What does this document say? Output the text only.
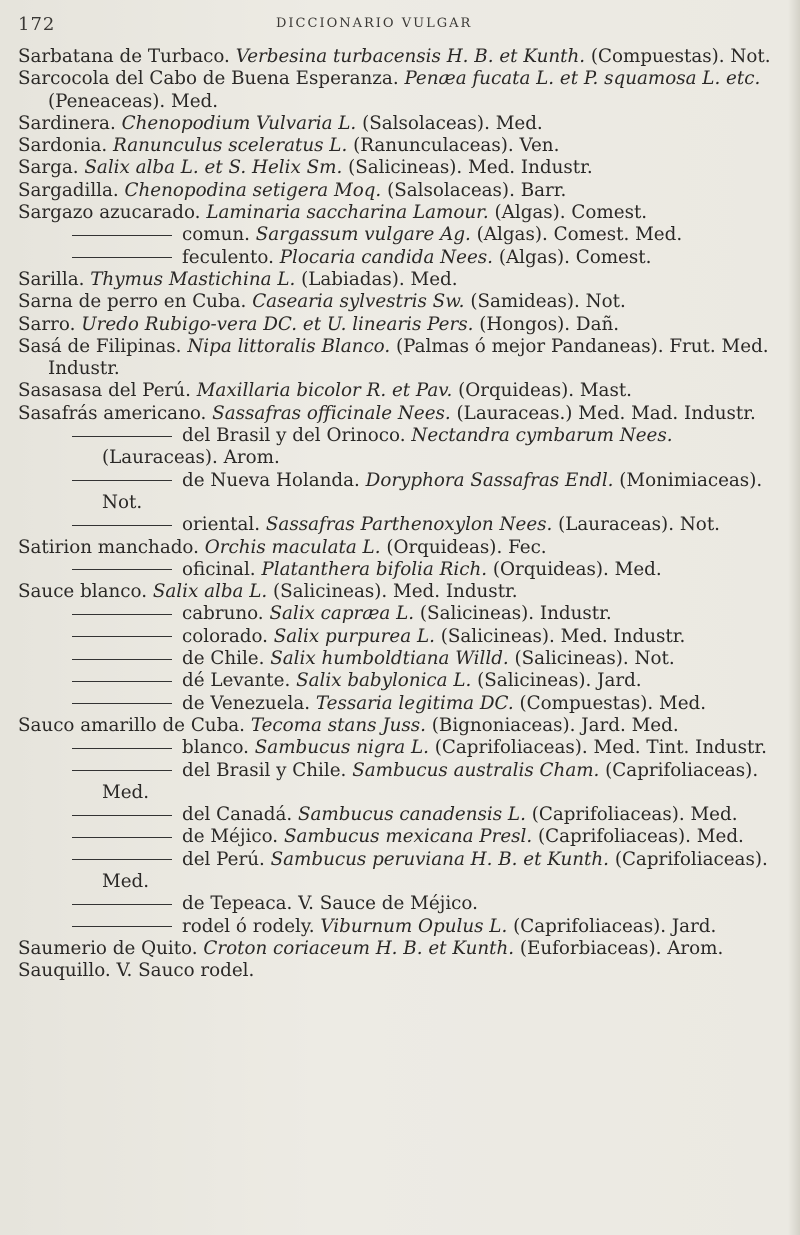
172	DICCIONARIO VULGAR
Sarbatana de Turbaco. Verbesina turbacensis H. B. et Kunth. (Compuestas). Not.
Sarcocola del Cabo de Buena Esperanza. Penæa fucata L. et P. squamosa L. etc. (Peneaceas). Med.
Sardinera. Chenopodium Vulvaria L. (Salsolaceas). Med.
Sardonia. Ranunculus sceleratus L. (Ranunculaceas). Ven.
Sarga. Salix alba L. et S. Helix Sm. (Salicineas). Med. Industr.
Sargadilla. Chenopodina setigera Moq. (Salsolaceas). Barr.
Sargazo azucarado. Laminaria saccharina Lamour. (Algas). Comest.
comun. Sargassum vulgare Ag. (Algas). Comest. Med.
feculento. Plocaria candida Nees. (Algas). Comest.
Sarilla. Thymus Mastichina L. (Labiadas). Med.
Sarna de perro en Cuba. Casearia sylvestris Sw. (Samideas). Not.
Sarro. Uredo Rubigo-vera DC. et U. linearis Pers. (Hongos). Dañ.
Sasá de Filipinas. Nipa littoralis Blanco. (Palmas ó mejor Pandaneas). Frut. Med. Industr.
Sasasasa del Perú. Maxillaria bicolor R. et Pav. (Orquideas). Mast.
Sasafrás americano. Sassafras officinale Nees. (Lauraceas.) Med. Mad. Industr.
del Brasil y del Orinoco. Nectandra cymbarum Nees. (Lauraceas). Arom.
de Nueva Holanda. Doryphora Sassafras Endl. (Monimiaceas). Not.
oriental. Sassafras Parthenoxylon Nees. (Lauraceas). Not.
Satirion manchado. Orchis maculata L. (Orquideas). Fec.
oficinal. Platanthera bifolia Rich. (Orquideas). Med.
Sauce blanco. Salix alba L. (Salicineas). Med. Industr.
cabruno. Salix capræa L. (Salicineas). Industr.
colorado. Salix purpurea L. (Salicineas). Med. Industr.
de Chile. Salix humboldtiana Willd. (Salicineas). Not.
dé Levante. Salix babylonica L. (Salicineas). Jard.
de Venezuela. Tessaria legitima DC. (Compuestas). Med.
Sauco amarillo de Cuba. Tecoma stans Juss. (Bignoniaceas). Jard. Med.
blanco. Sambucus nigra L. (Caprifoliaceas). Med. Tint. Industr.
del Brasil y Chile. Sambucus australis Cham. (Caprifoliaceas). Med.
del Canadá. Sambucus canadensis L. (Caprifoliaceas). Med.
de Méjico. Sambucus mexicana Presl. (Caprifoliaceas). Med.
del Perú. Sambucus peruviana H. B. et Kunth. (Caprifoliaceas). Med.
de Tepeaca. V. Sauce de Méjico.
rodel ó rodely. Viburnum Opulus L. (Caprifoliaceas). Jard.
Saumerio de Quito. Croton coriaceum H. B. et Kunth. (Euforbiaceas). Arom.
Sauquillo. V. Sauco rodel.
